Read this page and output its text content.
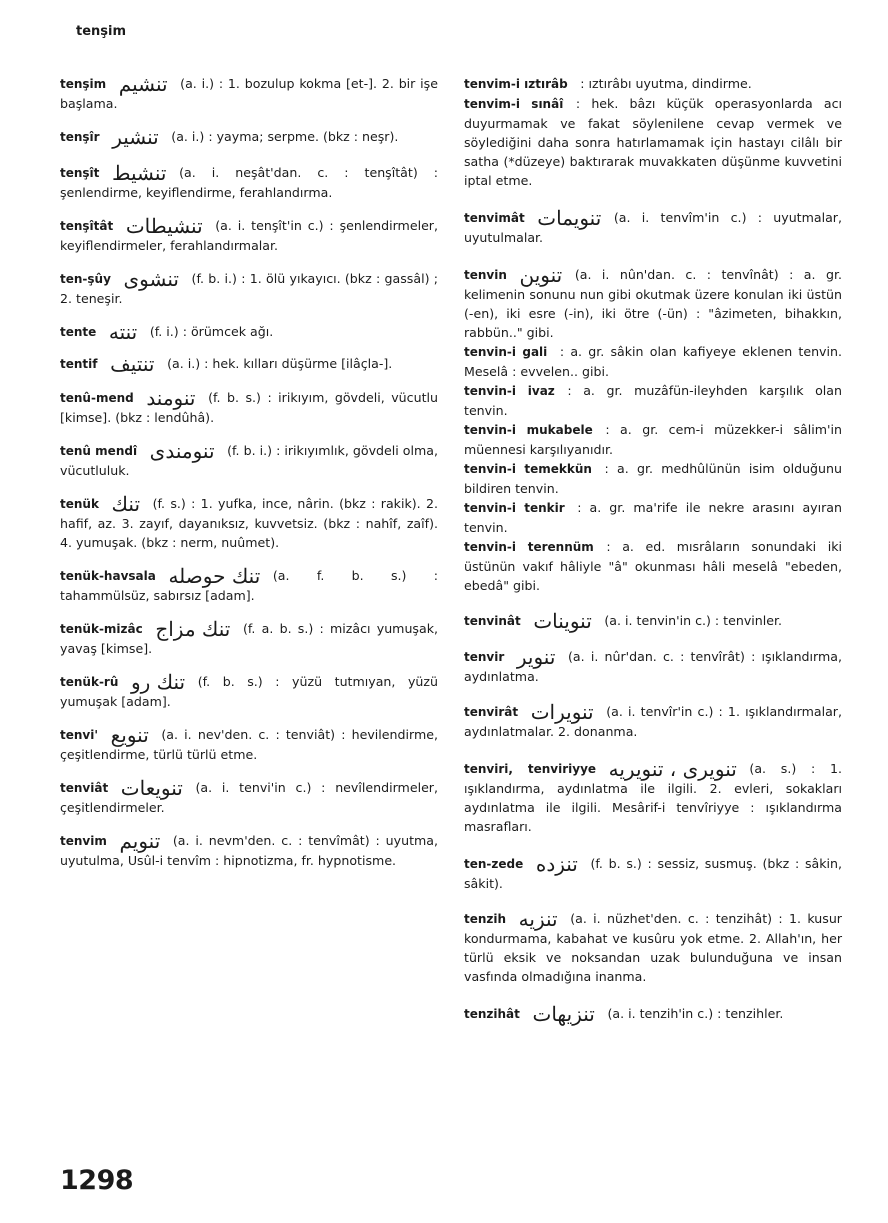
tenşim

tenşim  تنشيم  (a. i.) : 1. bozulup kokma [et-]. 2. bir işe başlama.

tenşîr  تنشير  (a. i.) : yayma; serpme. (bkz : neşr).

tenşît  تنشيط  (a. i. neşât'dan. c. : tenşîtât) : şenlendirme, keyiflendirme, ferahlandırma.

tenşîtât  تنشيطات  (a. i. tenşît'in c.) : şenlendirmeler, keyiflendirmeler, ferahlandırmalar.

ten-şûy  تنشوى  (f. b. i.) : 1. ölü yıkayıcı. (bkz : gassâl) ; 2. teneşir.

tente  تنته  (f. i.) : örümcek ağı.

tentif  تنتيف  (a. i.) : hek. kılları düşürme [ilâçla-].

tenû-mend  تنومند  (f. b. s.) : irikıyım, gövdeli, vücutlu [kimse]. (bkz : lendûhâ).

tenû mendî  تنومندى  (f. b. i.) : irikıyımlık, gövdeli olma, vücutluluk.

tenük  تنك  (f. s.) : 1. yufka, ince, nârin. (bkz : rakik). 2. hafif, az. 3. zayıf, dayanıksız, kuvvetsiz. (bkz : nahîf, zaîf). 4. yumuşak. (bkz : nerm, nuûmet).

tenük-havsala  تنك حوصله  (a. f. b. s.) : tahammülsüz, sabırsız [adam].

tenük-mizâc  تنك مزاج  (f. a. b. s.) : mizâcı yumuşak, yavaş [kimse].

tenük-rû  تنك رو  (f. b. s.) : yüzü tutmıyan, yüzü yumuşak [adam].

tenvi'  تنويع  (a. i. nev'den. c. : tenviât) : hevilendirme, çeşitlendirme, türlü türlü etme.

tenviât  تنويعات  (a. i. tenvi'in c.) : nevîlendirmeler, çeşitlendirmeler.

tenvim  تنويم  (a. i. nevm'den. c. : tenvîmât) : uyutma, uyutulma, Usûl-i tenvîm : hipnotizma, fr. hypnotisme.

tenvim-i ıztırâb  : ıztırâbı uyutma, dindirme.

tenvim-i sınâî  : hek. bâzı küçük operasyonlarda acı duyurmamak ve fakat söylenilene cevap vermek ve söylediğini daha sonra hatırlamamak için hastayı cilâlı bir satha (*düzeye) baktırarak muvakkaten düşünme kuvvetini iptal etme.

tenvimât  تنويمات  (a. i. tenvîm'in c.) : uyutmalar, uyutulmalar.

tenvin  تنوين  (a. i. nûn'dan. c. : tenvînât) : a. gr. kelimenin sonunu nun gibi okutmak üzere konulan iki üstün (-en), iki esre (-in), iki ötre (-ün) : "âzimeten, bihakkın, rabbün.." gibi.

tenvin-i gali  : a. gr. sâkin olan kafiyeye eklenen tenvin. Meselâ : evvelen.. gibi.

tenvin-i ivaz  : a. gr. muzâfün-ileyhden karşılık olan tenvin.

tenvin-i mukabele  : a. gr. cem-i müzekker-i sâlim'in müennesi karşılıyanıdır.

tenvin-i temekkün  : a. gr. medhûlünün isim olduğunu bildiren tenvin.

tenvin-i tenkir  : a. gr. ma'rife ile nekre arasını ayıran tenvin.

tenvin-i terennüm  : a. ed. mısrâların sonundaki iki üstünün vakıf hâliyle "â" okunması hâli meselâ "ebeden, ebedâ" gibi.

tenvinât  تنوينات  (a. i. tenvin'in c.) : tenvinler.

tenvir  تنوير  (a. i. nûr'dan. c. : tenvîrât) : ışıklandırma, aydınlatma.

tenvirât  تنويرات  (a. i. tenvîr'in c.) : 1. ışıklandırmalar, aydınlatmalar. 2. donanma.

tenviri, tenviriyye  تنويرى ، تنويريه  (a. s.) : 1. ışıklandırma, aydınlatma ile ilgili. 2. evleri, sokakları aydınlatma ile ilgili. Mesârif-i tenvîriyye : ışıklandırma masrafları.

ten-zede  تنزده  (f. b. s.) : sessiz, susmuş. (bkz : sâkin, sâkit).

tenzih  تنزيه  (a. i. nüzhet'den. c. : tenzihât) : 1. kusur kondurmama, kabahat ve kusûru yok etme. 2. Allah'ın, her türlü eksik ve noksandan uzak bulunduğuna ve insan vasfında olmadığına inanma.

tenzihât  تنزيهات  (a. i. tenzih'in c.) : tenzihler.

1298
